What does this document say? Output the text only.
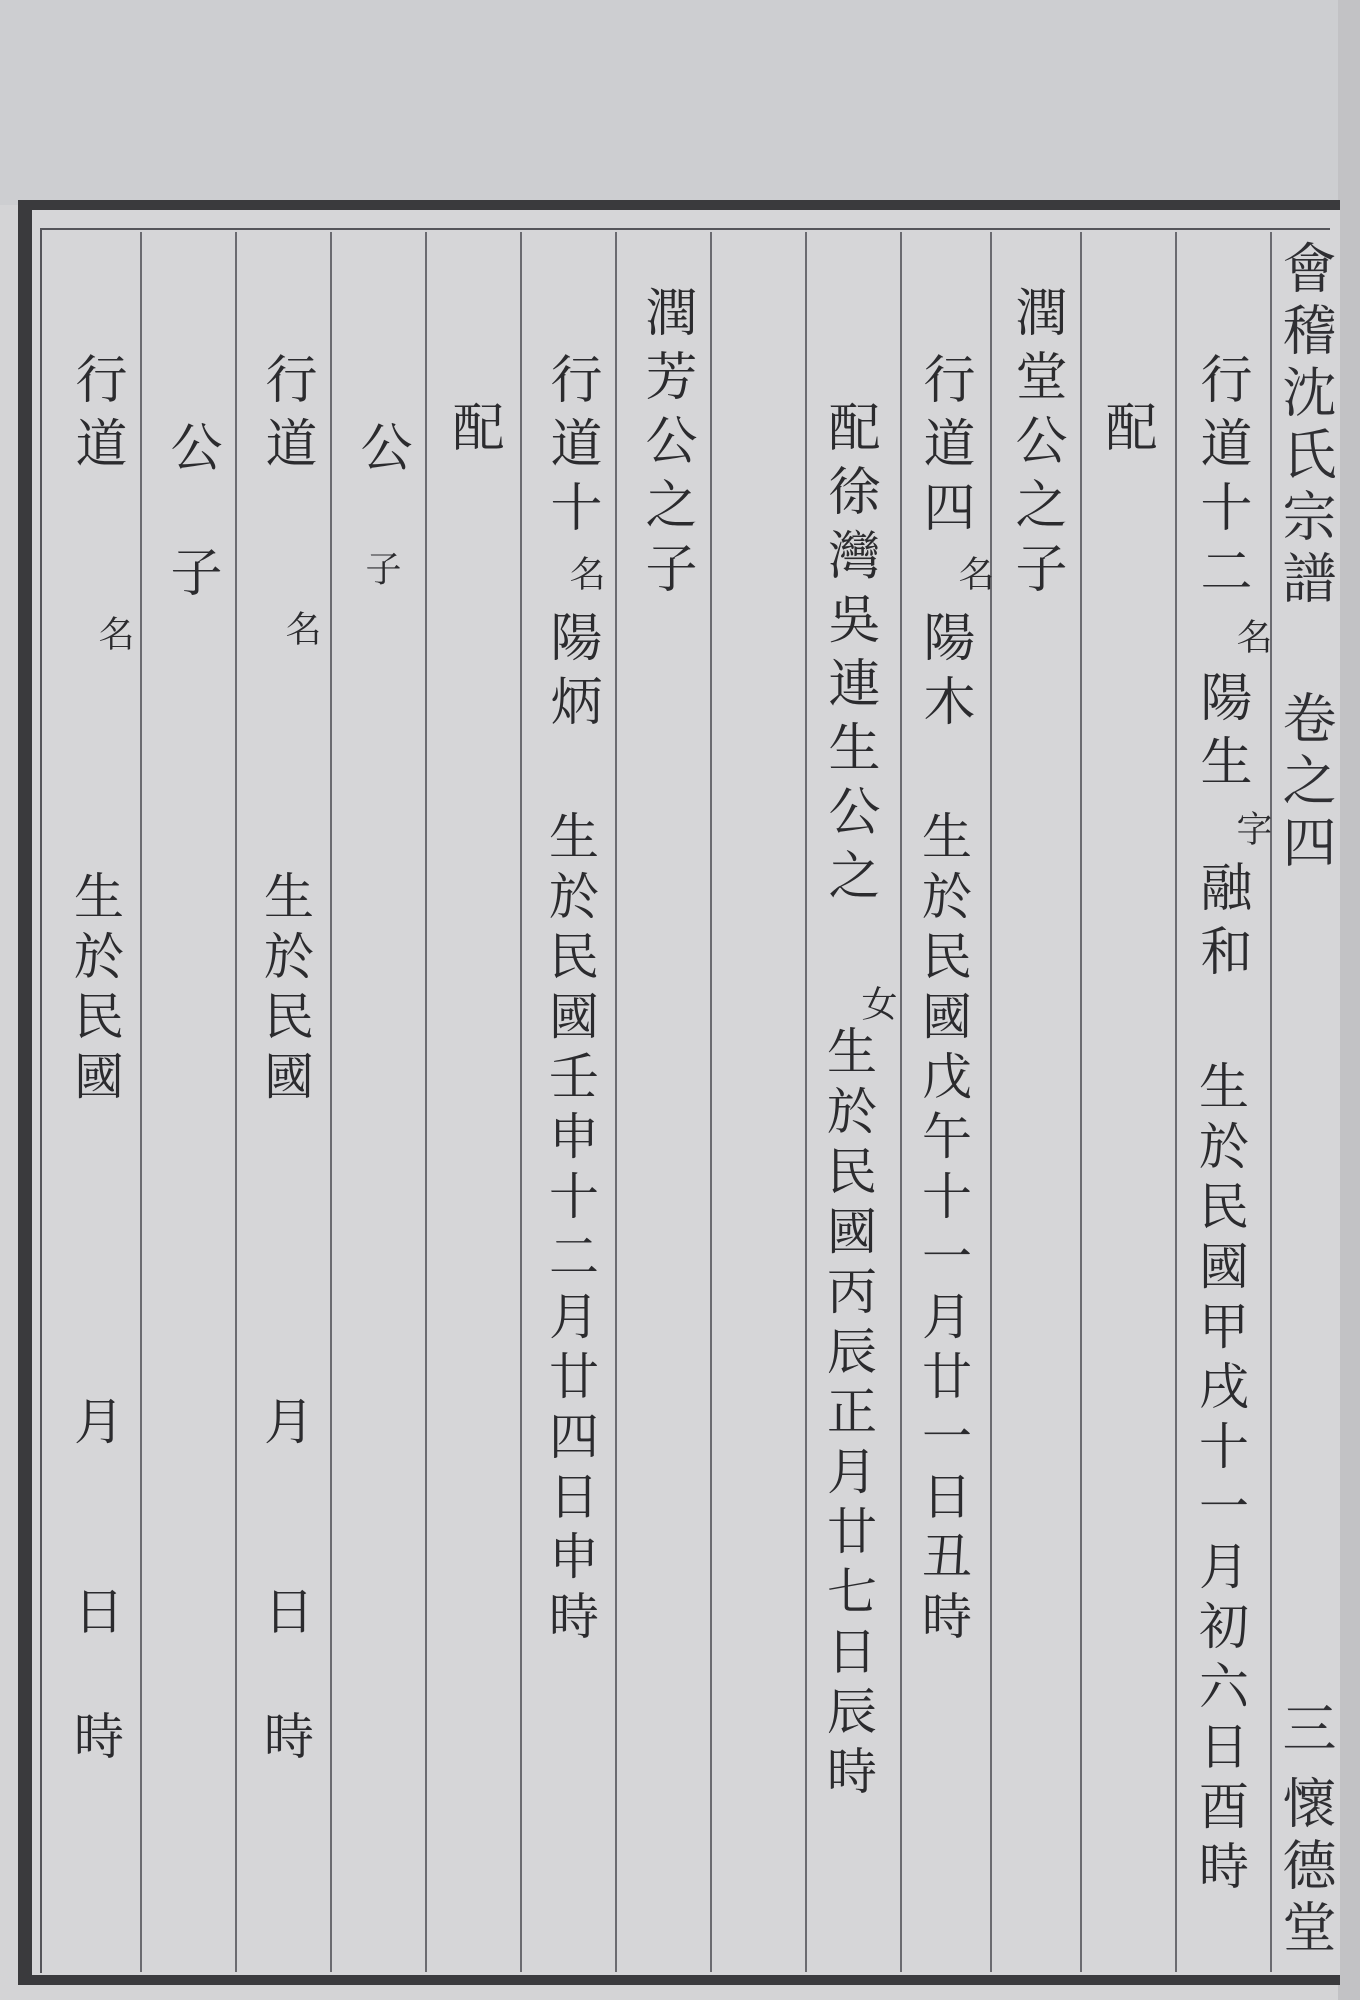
會稽沈氏宗譜
卷之四
三
懷德堂
行道十二
名
陽生
字
融和
生於民國甲戌十一月初六日酉時
配
潤堂公之子
行道四
名
陽木
生於民國戊午十一月廿一日丑時
配徐灣吳連生公之
女
生於民國丙辰正月廿七日辰時
潤芳公之子
行道十
名
陽炳
生於民國壬申十二月廿四日申時
配
公
子
行道
名
生於民國
月
日
時
公
子
行道
名
生於民國
月
日
時
